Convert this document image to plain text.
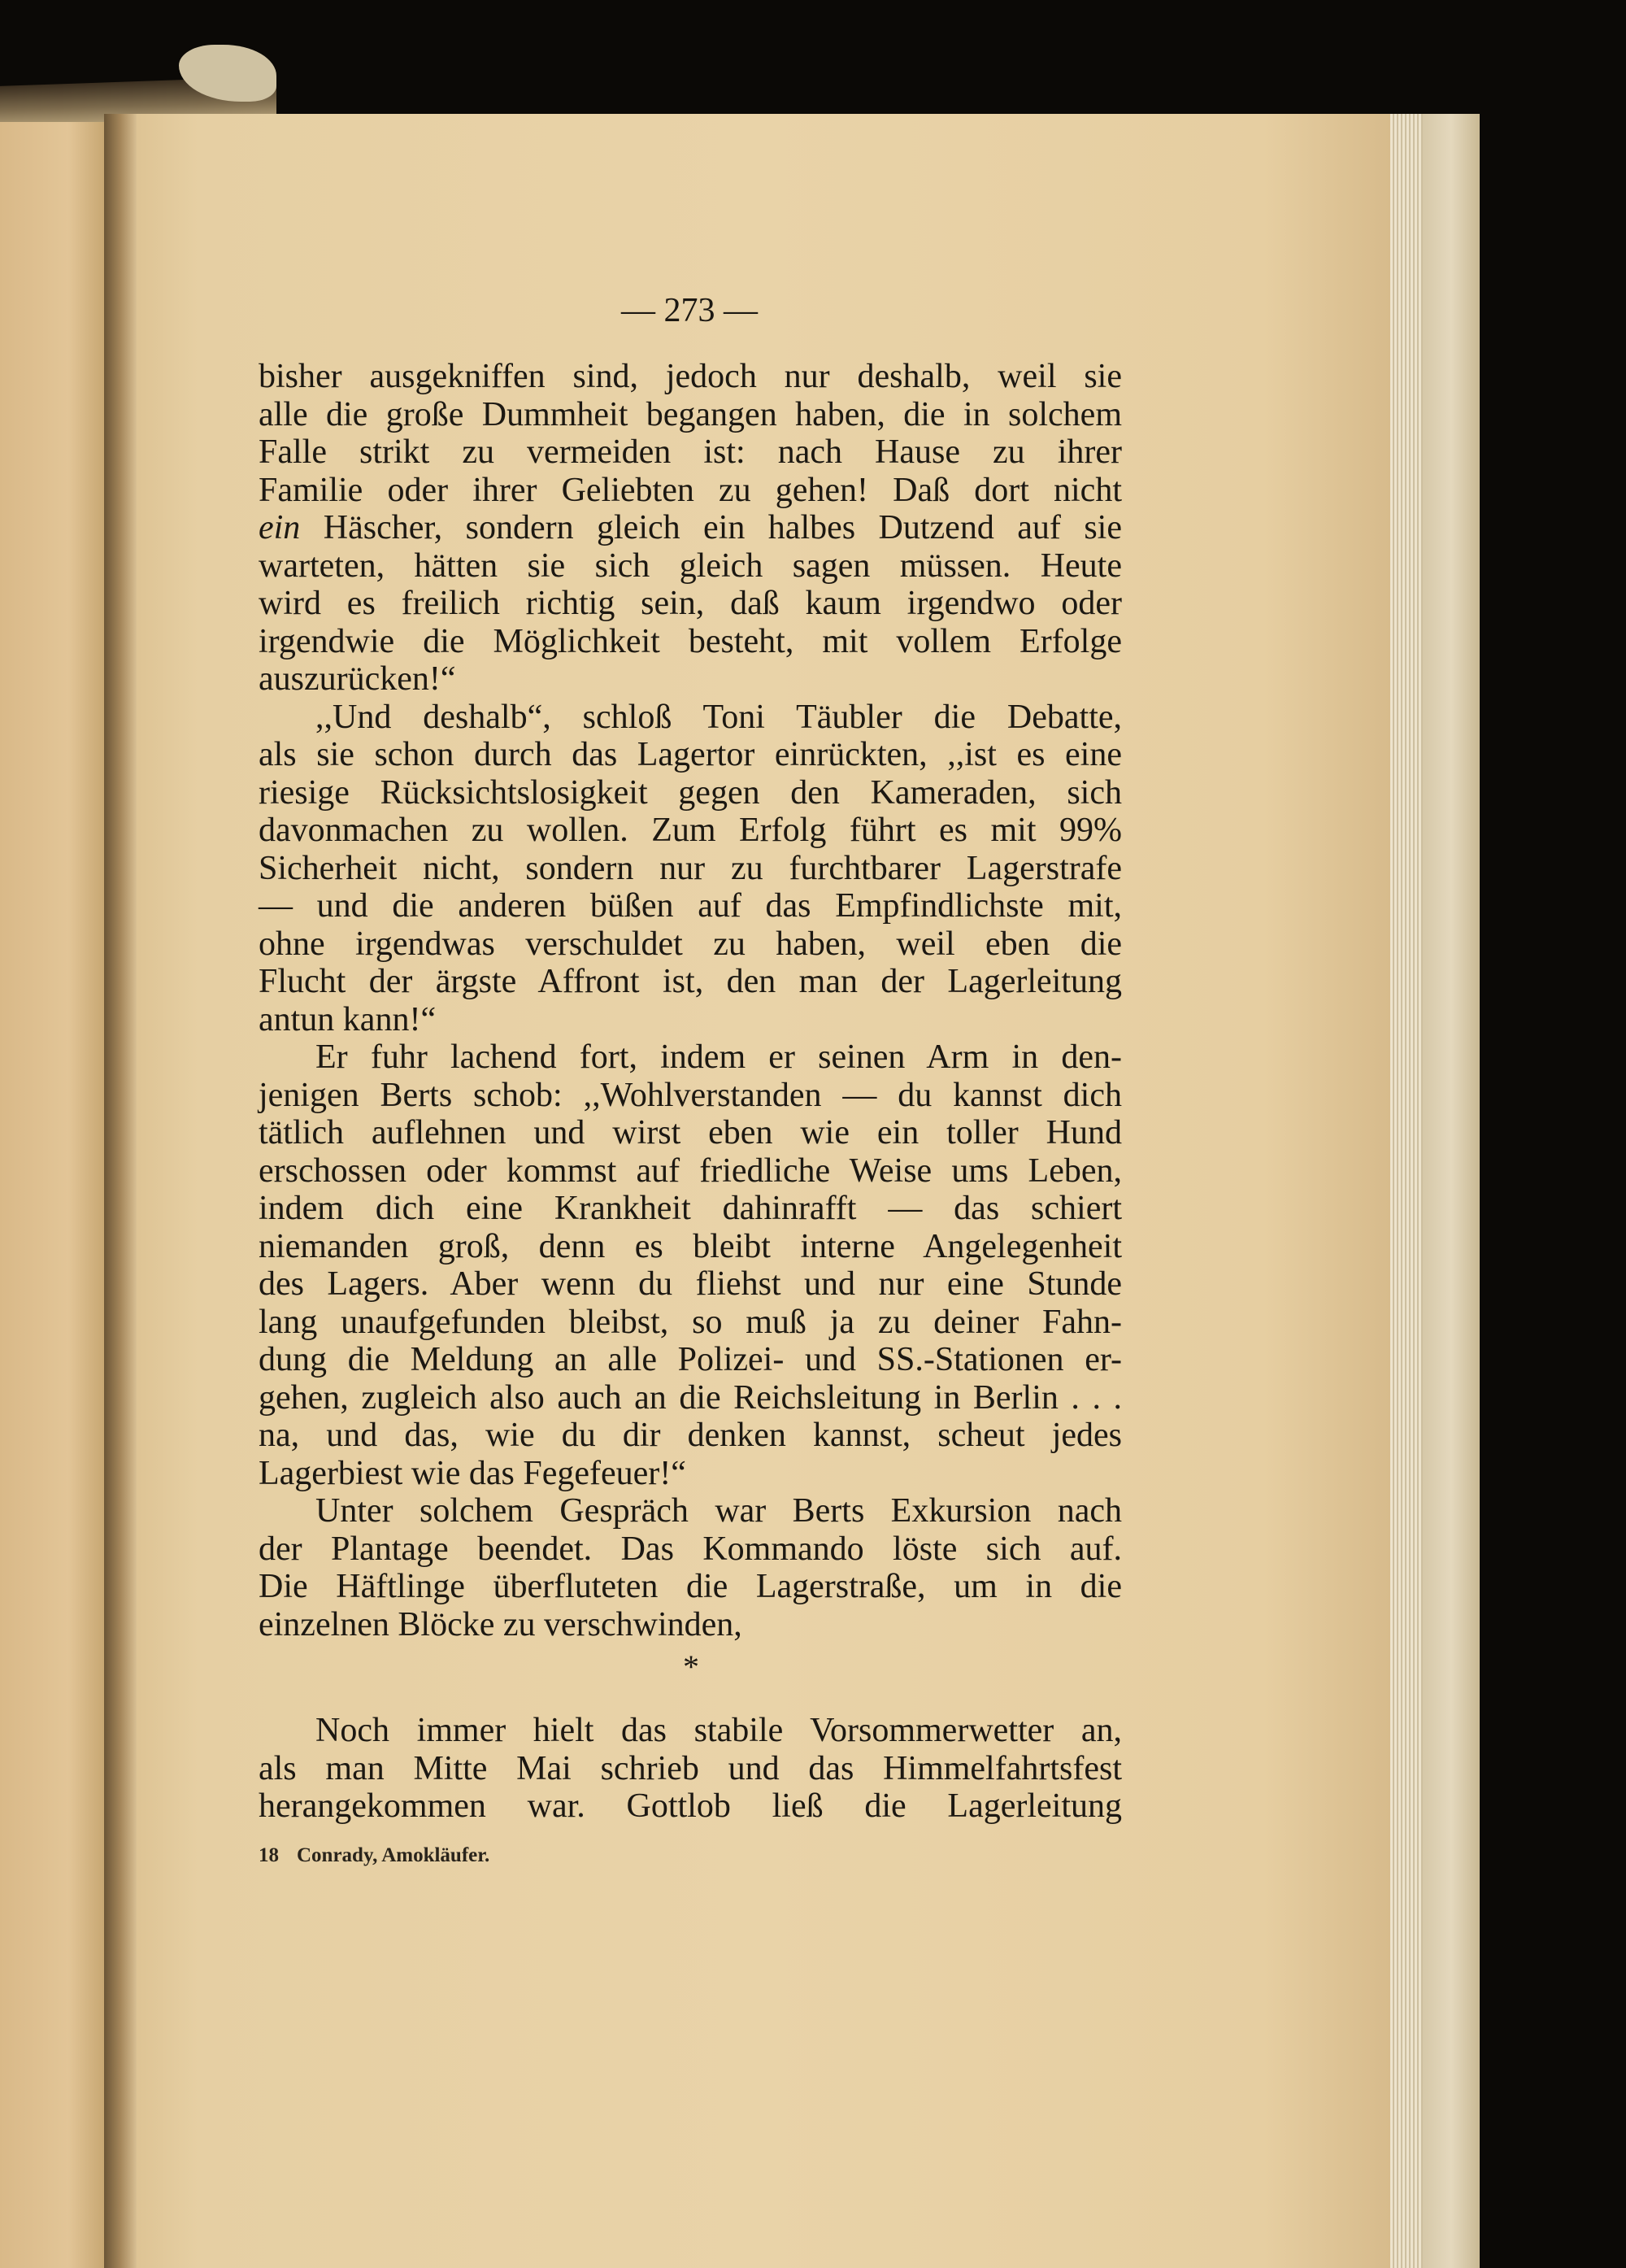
— 273 —
bisher ausgekniffen sind, jedoch nur deshalb, weil sie
alle die große Dummheit begangen haben, die in solchem
Falle strikt zu vermeiden ist: nach Hause zu ihrer
Familie oder ihrer Geliebten zu gehen! Daß dort nicht
ein Häscher, sondern gleich ein halbes Dutzend auf sie
warteten, hätten sie sich gleich sagen müssen. Heute
wird es freilich richtig sein, daß kaum irgendwo oder
irgendwie die Möglichkeit besteht, mit vollem Erfolge
auszurücken!“
,,Und deshalb“, schloß Toni Täubler die Debatte,
als sie schon durch das Lagertor einrückten, ,,ist es eine
riesige Rücksichtslosigkeit gegen den Kameraden, sich
davonmachen zu wollen. Zum Erfolg führt es mit 99%
Sicherheit nicht, sondern nur zu furchtbarer Lagerstrafe
— und die anderen büßen auf das Empfindlichste mit,
ohne irgendwas verschuldet zu haben, weil eben die
Flucht der ärgste Affront ist, den man der Lagerleitung
antun kann!“
Er fuhr lachend fort, indem er seinen Arm in den-
jenigen Berts schob: ,,Wohlverstanden — du kannst dich
tätlich auflehnen und wirst eben wie ein toller Hund
erschossen oder kommst auf friedliche Weise ums Leben,
indem dich eine Krankheit dahinrafft — das schiert
niemanden groß, denn es bleibt interne Angelegenheit
des Lagers. Aber wenn du fliehst und nur eine Stunde
lang unaufgefunden bleibst, so muß ja zu deiner Fahn-
dung die Meldung an alle Polizei- und SS.-Stationen er-
gehen, zugleich also auch an die Reichsleitung in Berlin . . .
na, und das, wie du dir denken kannst, scheut jedes
Lagerbiest wie das Fegefeuer!“
Unter solchem Gespräch war Berts Exkursion nach
der Plantage beendet. Das Kommando löste sich auf.
Die Häftlinge überfluteten die Lagerstraße, um in die
einzelnen Blöcke zu verschwinden,
*
Noch immer hielt das stabile Vorsommerwetter an,
als man Mitte Mai schrieb und das Himmelfahrtsfest
herangekommen war. Gottlob ließ die Lagerleitung
18 Conrady, Amokläufer.
